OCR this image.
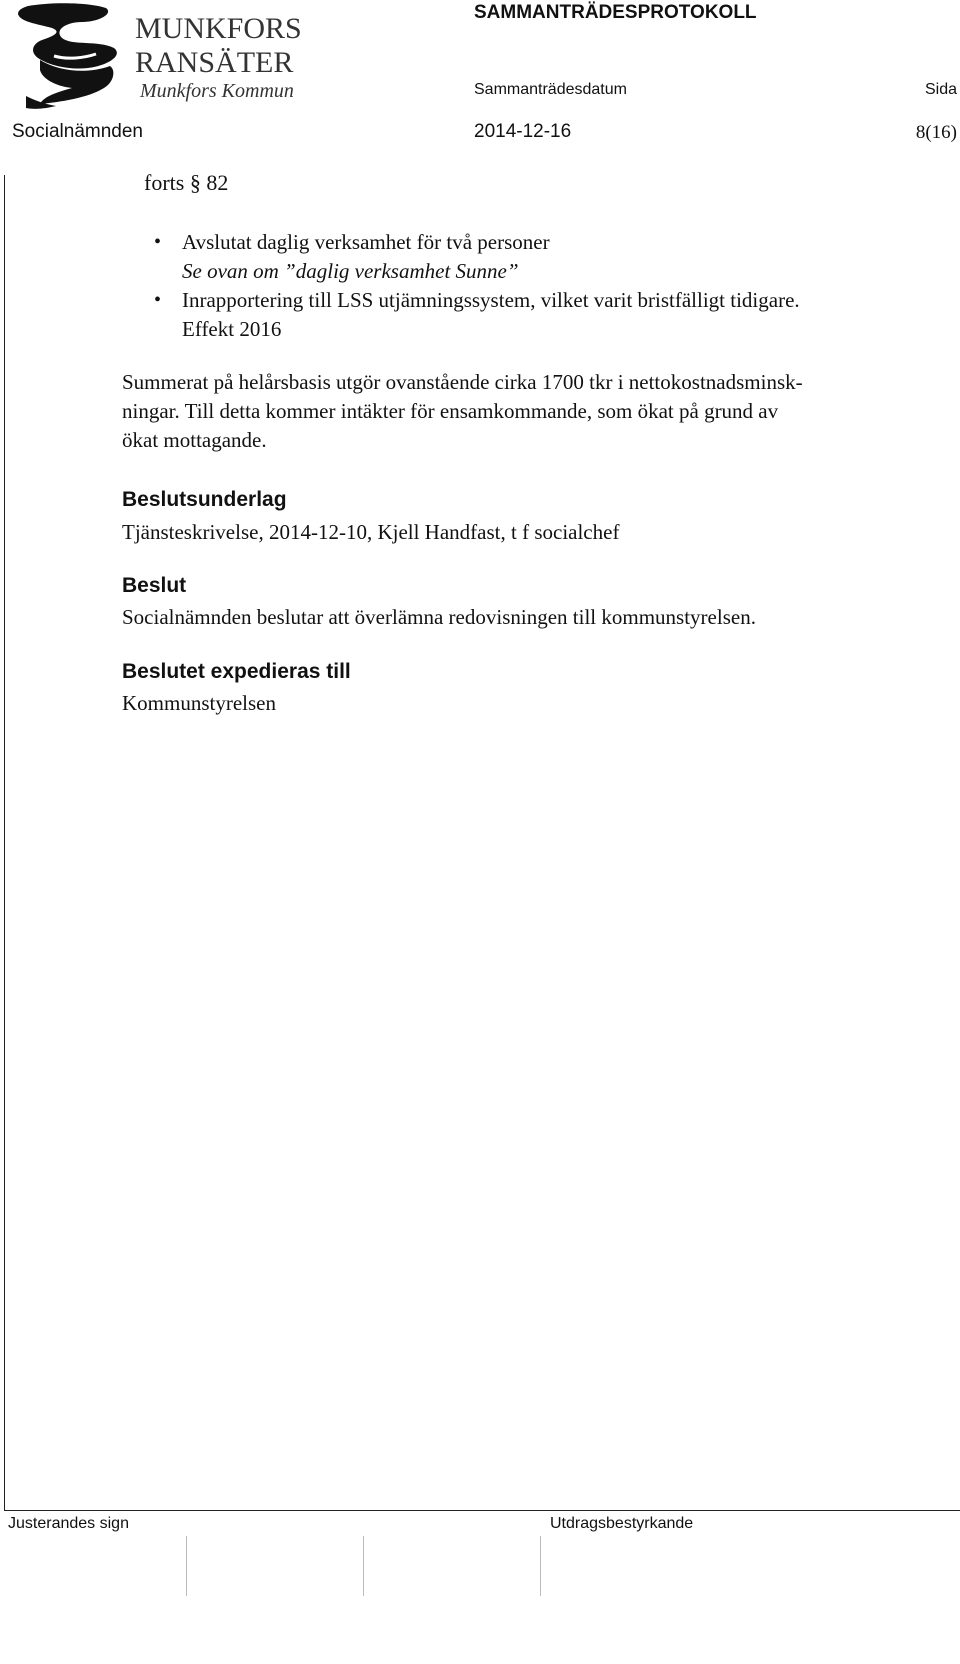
MUNKFORS
RANSÄTER
Munkfors Kommun
SAMMANTRÄDESPROTOKOLL
Sammanträdesdatum	Sida
Socialnämnden	2014-12-16	8(16)
forts § 82
• Avslutat daglig verksamhet för två personer
Se ovan om ”daglig verksamhet Sunne”
• Inrapportering till LSS utjämningssystem, vilket varit bristfälligt tidigare.
Effekt 2016
Summerat på helårsbasis utgör ovanstående cirka 1700 tkr i nettokostnadsminsk-
ningar. Till detta kommer intäkter för ensamkommande, som ökat på grund av
ökat mottagande.
Beslutsunderlag
Tjänsteskrivelse, 2014-12-10, Kjell Handfast, t f socialchef
Beslut
Socialnämnden beslutar att överlämna redovisningen till kommunstyrelsen.
Beslutet expedieras till
Kommunstyrelsen
Justerandes sign	Utdragsbestyrkande
